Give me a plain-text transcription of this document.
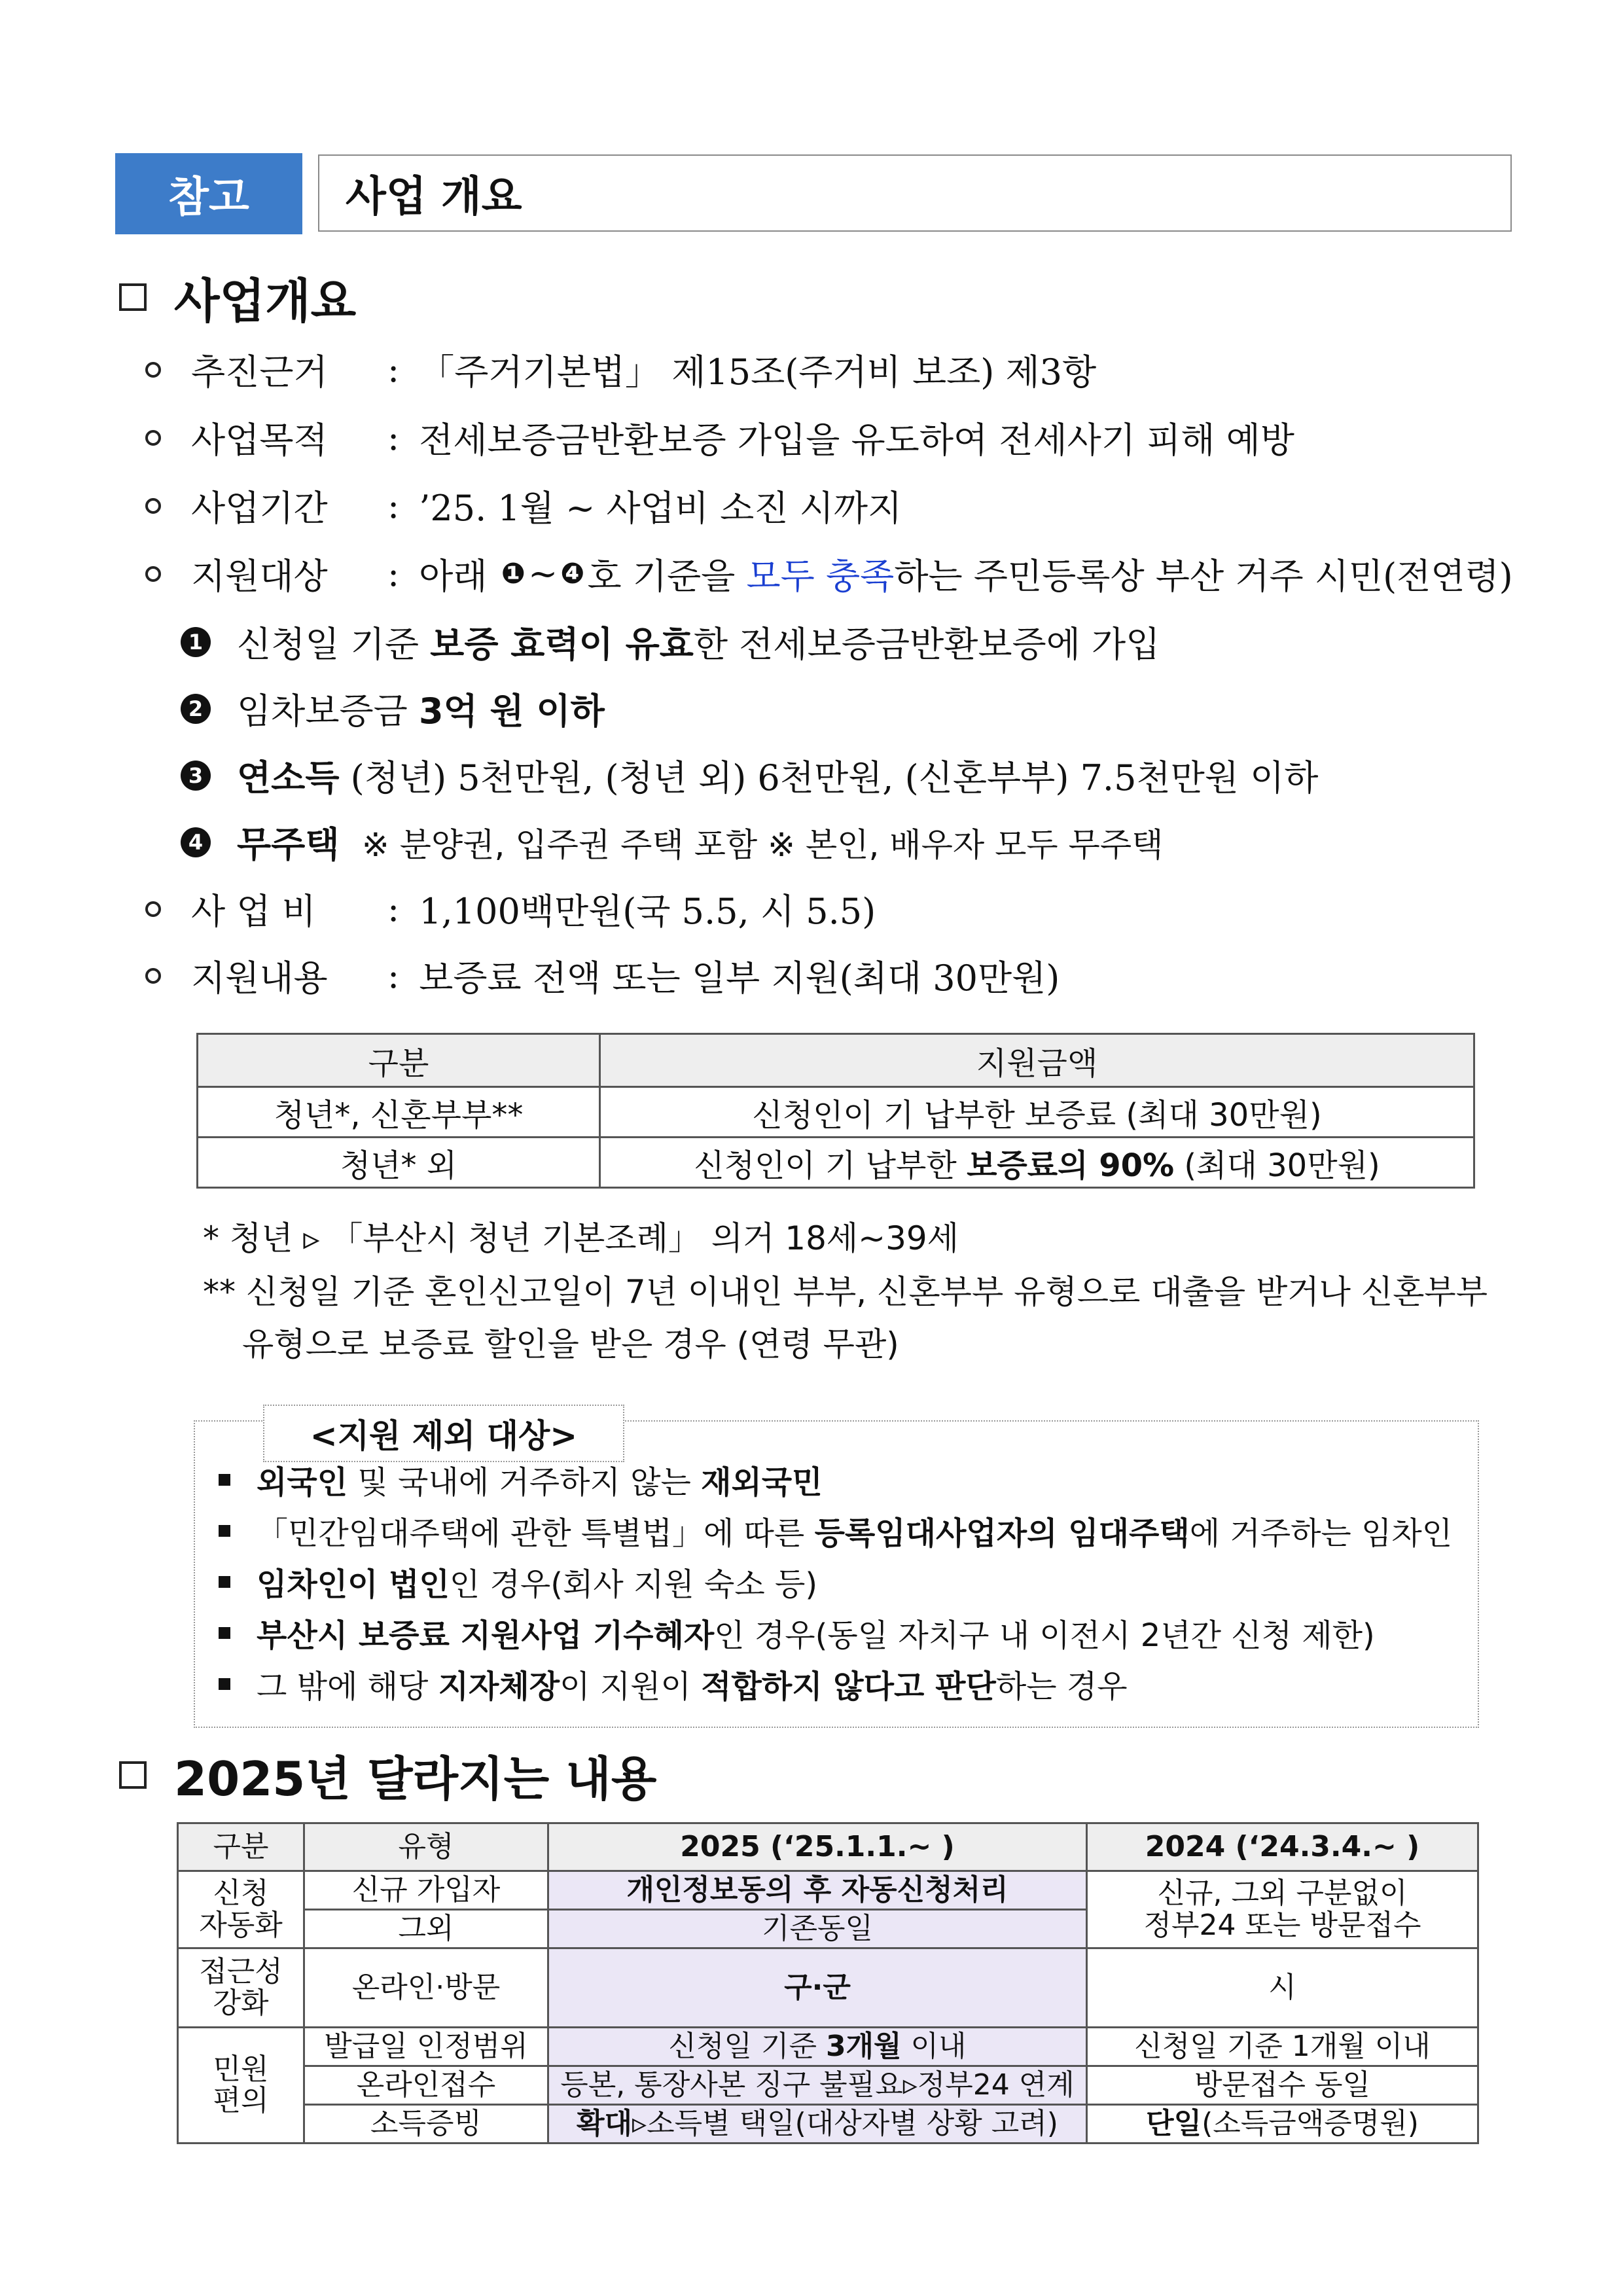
참고	사업 개요
사업개요
추진근거	: 「주거기본법」 제15조(주거비 보조) 제3항
사업목적	: 전세보증금반환보증 가입을 유도하여 전세사기 피해 예방
사업기간	: ’25. 1월 ~ 사업비 소진 시까지
지원대상	: 아래
❶ ~ ❹ 호 기준을
모두 충족 하는 주민등록상 부산 거주 시민(전연령)
1 신청일 기준
보증 효력이 유효 한 전세보증금반환보증에 가입
2 임차보증금
3억 원 이하
3 연소득
(청년) 5천만원, (청년 외) 6천만원, (신혼부부) 7.5천만원 이하
4 무주택
※ 분양권, 입주권 주택 포함 ※ 본인, 배우자 모두 무주택
사 업 비	: 1,100백만원(국 5.5, 시 5.5)
지원내용	: 보증료 전액 또는 일부 지원(최대 30만원)
구분	지원금액
청년*, 신혼부부**	신청인이 기 납부한 보증료 (최대 30만원)
청년* 외	신청인이 기 납부한 보증료의 90% (최대 30만원)
* 청년 ▹ 「부산시 청년 기본조례」 의거 18세~39세
** 신청일 기준 혼인신고일이 7년 이내인 부부, 신혼부부 유형으로 대출을 받거나 신혼부부
유형으로 보증료 할인을 받은 경우 (연령 무관)
<지원 제외 대상>
외국인 및 국내에 거주하지 않는 재외국민
「민간임대주택에 관한 특별법」에 따른 등록임대사업자의 임대주택 에 거주하는 임차인
임차인이 법인 인 경우(회사 지원 숙소 등)
부산시 보증료 지원사업 기수혜자 인 경우(동일 자치구 내 이전시 2년간 신청 제한)
그 밖에 해당 지자체장 이 지원이 적합하지 않다고 판단 하는 경우
2025년 달라지는 내용
구분	유형	2025 (‘25.1.1.~ )	2024 (‘24.3.4.~ )
신청
자동화	신규 가입자	개인정보동의 후 자동신청처리	신규, 그외 구분없이
정부24 또는 방문접수
	그외	기존동일	
접근성
강화	온라인·방문	구·군	시
민원
편의	발급일 인정범위	신청일 기준 3개월 이내	신청일 기준 1개월 이내
	온라인접수	등본, 통장사본 징구 불필요▹정부24 연계	방문접수 동일
	소득증빙	확대▹소득별 택일(대상자별 상황 고려)	단일(소득금액증명원)
